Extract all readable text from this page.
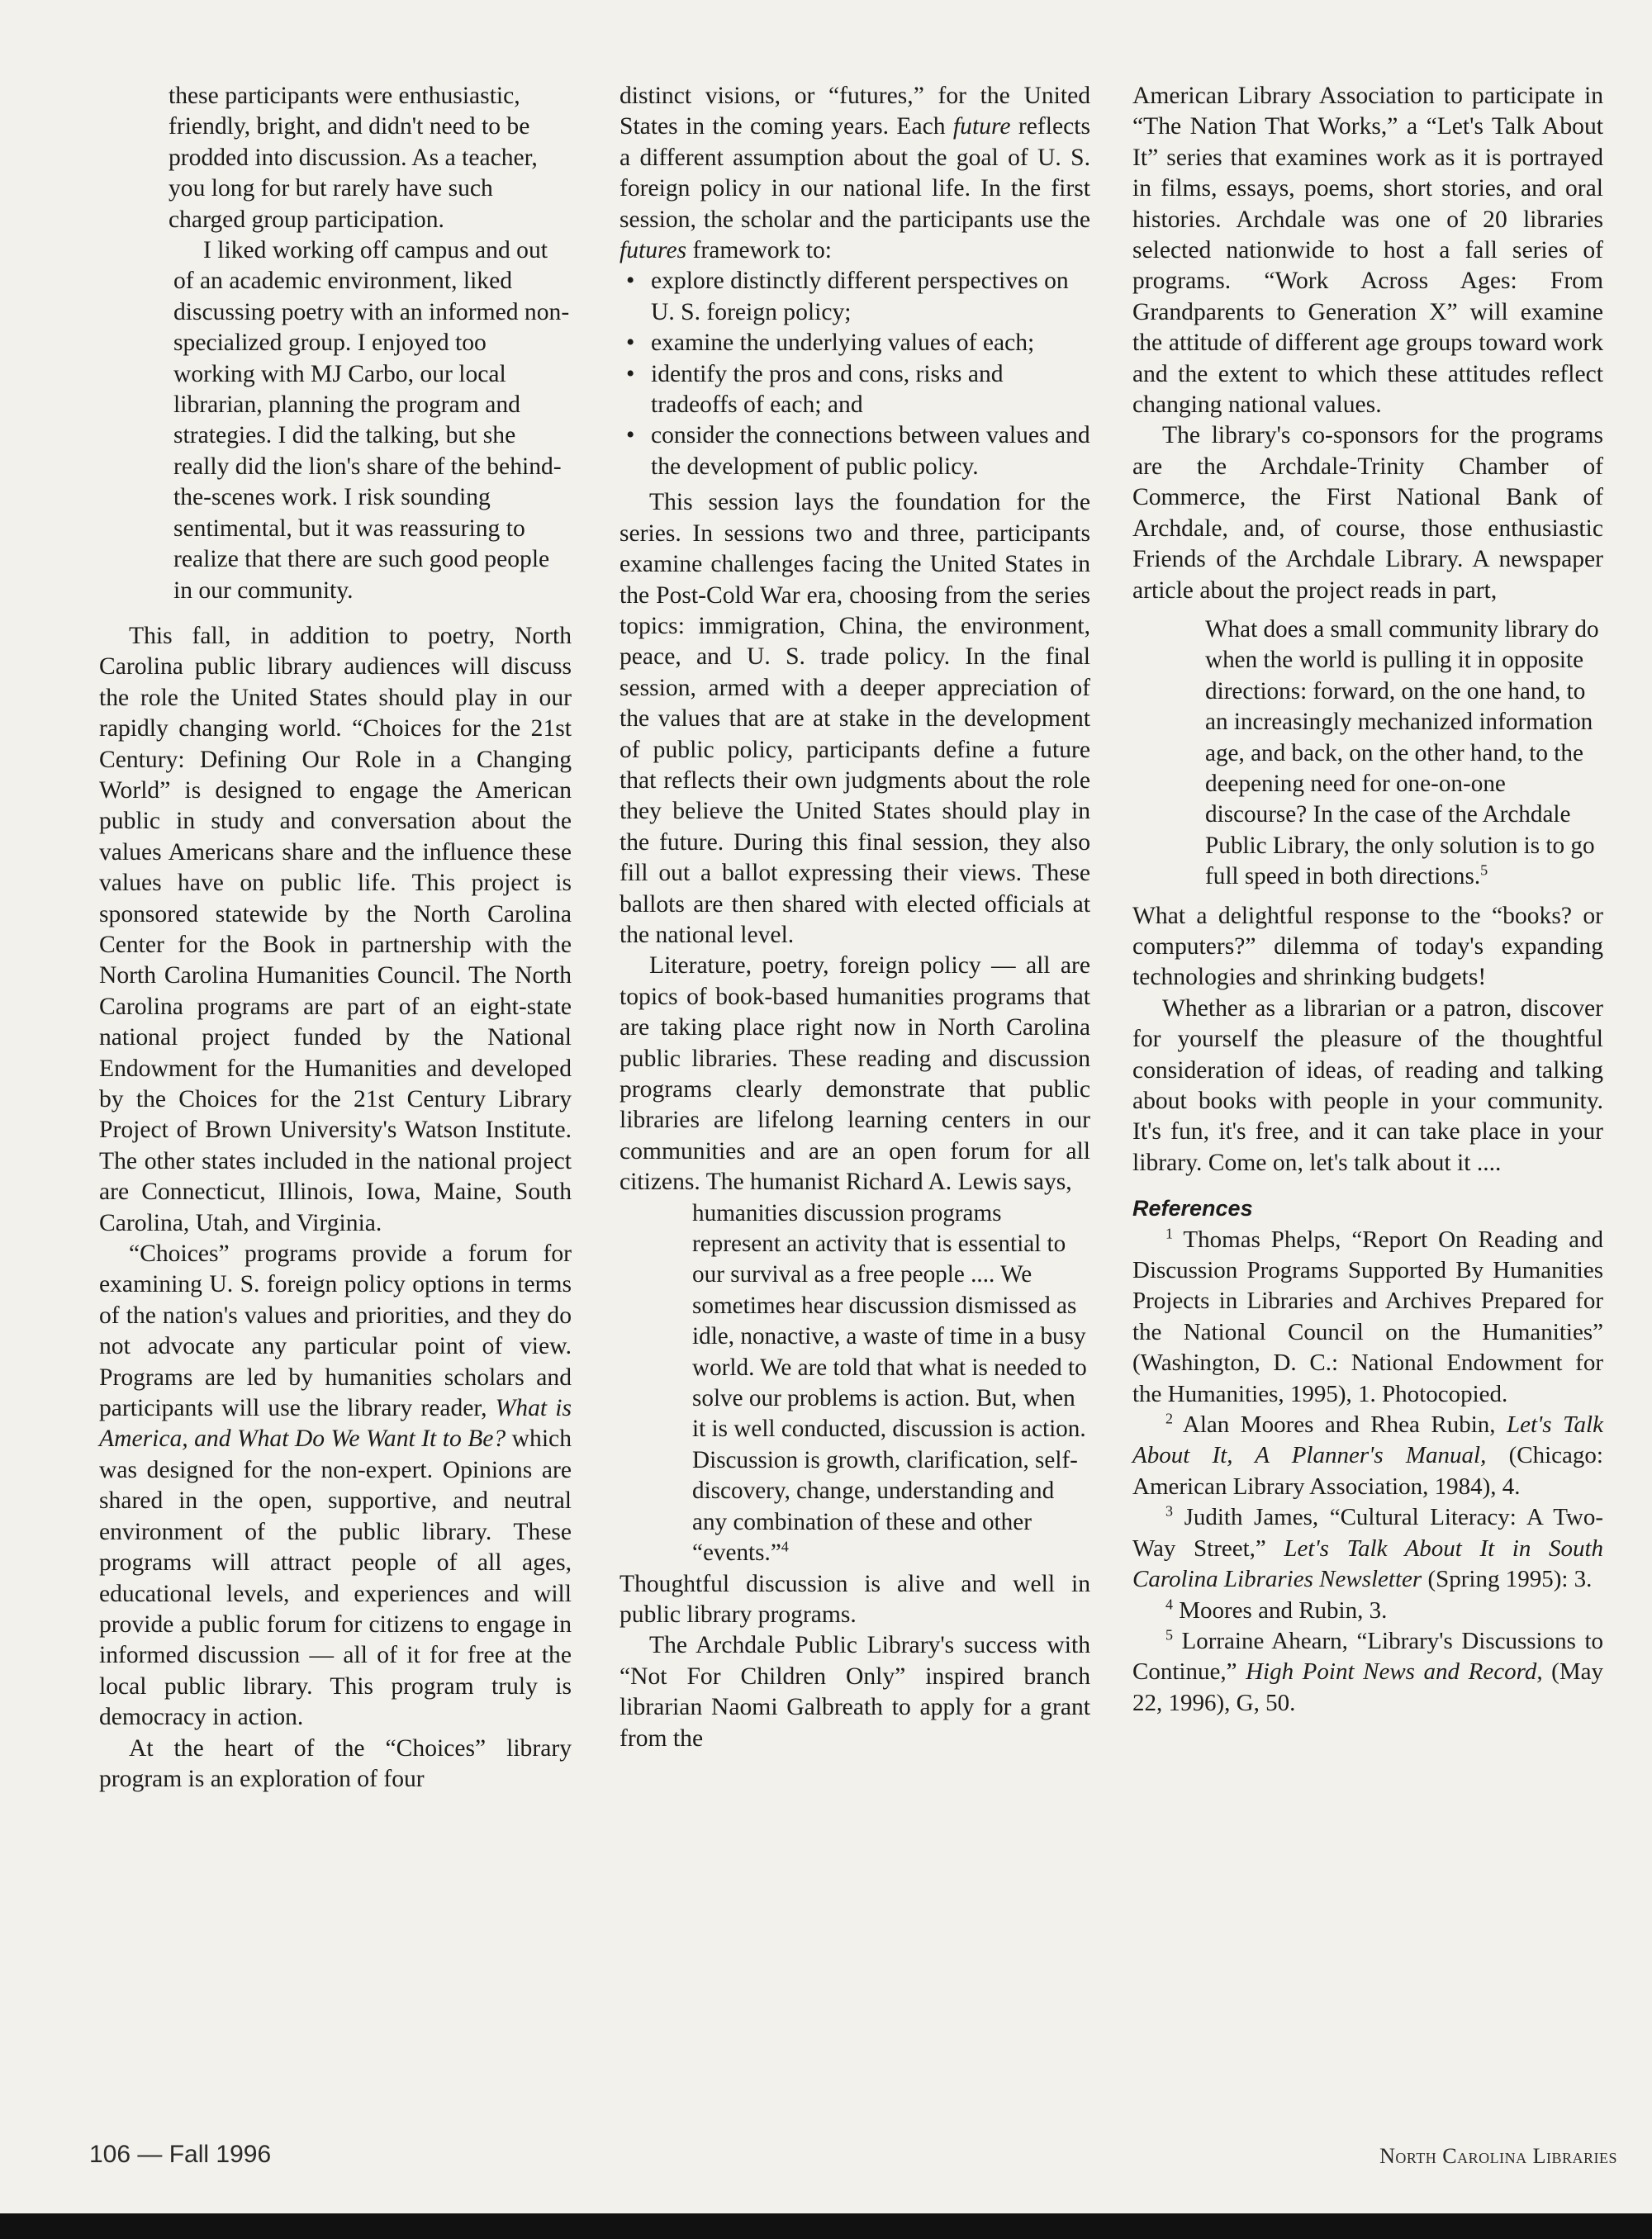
these participants were enthusiastic, friendly, bright, and didn't need to be prodded into discussion. As a teacher, you long for but rarely have such charged group participation.

I liked working off campus and out of an academic environment, liked discussing poetry with an informed non-specialized group. I enjoyed too working with MJ Carbo, our local librarian, planning the program and strategies. I did the talking, but she really did the lion's share of the behind-the-scenes work. I risk sounding sentimental, but it was reassuring to realize that there are such good people in our community.

This fall, in addition to poetry, North Carolina public library audiences will discuss the role the United States should play in our rapidly changing world. “Choices for the 21st Century: Defining Our Role in a Changing World” is designed to engage the American public in study and conversation about the values Americans share and the influence these values have on public life. This project is sponsored statewide by the North Carolina Center for the Book in partnership with the North Carolina Humanities Council. The North Carolina programs are part of an eight-state national project funded by the National Endowment for the Humanities and developed by the Choices for the 21st Century Library Project of Brown University's Watson Institute. The other states included in the national project are Connecticut, Illinois, Iowa, Maine, South Carolina, Utah, and Virginia.

“Choices” programs provide a forum for examining U. S. foreign policy options in terms of the nation's values and priorities, and they do not advocate any particular point of view. Programs are led by humanities scholars and participants will use the library reader, What is America, and What Do We Want It to Be? which was designed for the non-expert. Opinions are shared in the open, supportive, and neutral environment of the public library. These programs will attract people of all ages, educational levels, and experiences and will provide a public forum for citizens to engage in informed discussion — all of it for free at the local public library. This program truly is democracy in action.

At the heart of the “Choices” library program is an exploration of four

distinct visions, or “futures,” for the United States in the coming years. Each future reflects a different assumption about the goal of U. S. foreign policy in our national life. In the first session, the scholar and the participants use the futures framework to:

• explore distinctly different perspectives on U. S. foreign policy;
• examine the underlying values of each;
• identify the pros and cons, risks and tradeoffs of each; and
• consider the connections between values and the development of public policy.

This session lays the foundation for the series. In sessions two and three, participants examine challenges facing the United States in the Post-Cold War era, choosing from the series topics: immigration, China, the environment, peace, and U. S. trade policy. In the final session, armed with a deeper appreciation of the values that are at stake in the development of public policy, participants define a future that reflects their own judgments about the role they believe the United States should play in the future. During this final session, they also fill out a ballot expressing their views. These ballots are then shared with elected officials at the national level.

Literature, poetry, foreign policy — all are topics of book-based humanities programs that are taking place right now in North Carolina public libraries. These reading and discussion programs clearly demonstrate that public libraries are lifelong learning centers in our communities and are an open forum for all citizens. The humanist Richard A. Lewis says,

humanities discussion programs represent an activity that is essential to our survival as a free people .... We sometimes hear discussion dismissed as idle, nonactive, a waste of time in a busy world. We are told that what is needed to solve our problems is action. But, when it is well conducted, discussion is action. Discussion is growth, clarification, self-discovery, change, understanding and any combination of these and other “events.”$^4$

Thoughtful discussion is alive and well in public library programs.

The Archdale Public Library's success with “Not For Children Only” inspired branch librarian Naomi Galbreath to apply for a grant from the

American Library Association to participate in “The Nation That Works,” a “Let's Talk About It” series that examines work as it is portrayed in films, essays, poems, short stories, and oral histories. Archdale was one of 20 libraries selected nationwide to host a fall series of programs. “Work Across Ages: From Grandparents to Generation X” will examine the attitude of different age groups toward work and the extent to which these attitudes reflect changing national values.

The library's co-sponsors for the programs are the Archdale-Trinity Chamber of Commerce, the First National Bank of Archdale, and, of course, those enthusiastic Friends of the Archdale Library. A newspaper article about the project reads in part,

What does a small community library do when the world is pulling it in opposite directions: forward, on the one hand, to an increasingly mechanized information age, and back, on the other hand, to the deepening need for one-on-one discourse? In the case of the Archdale Public Library, the only solution is to go full speed in both directions.$^5$

What a delightful response to the “books? or computers?” dilemma of today's expanding technologies and shrinking budgets!

Whether as a librarian or a patron, discover for yourself the pleasure of the thoughtful consideration of ideas, of reading and talking about books with people in your community. It's fun, it's free, and it can take place in your library. Come on, let's talk about it ....

References

$^1$ Thomas Phelps, “Report On Reading and Discussion Programs Supported By Humanities Projects in Libraries and Archives Prepared for the National Council on the Humanities” (Washington, D. C.: National Endowment for the Humanities, 1995), 1. Photocopied.

$^2$ Alan Moores and Rhea Rubin, Let's Talk About It, A Planner's Manual, (Chicago: American Library Association, 1984), 4.

$^3$ Judith James, “Cultural Literacy: A Two-Way Street,” Let's Talk About It in South Carolina Libraries Newsletter (Spring 1995): 3.

$^4$ Moores and Rubin, 3.

$^5$ Lorraine Ahearn, “Library's Discussions to Continue,” High Point News and Record, (May 22, 1996), G, 50.

106 — Fall 1996	North Carolina Libraries
